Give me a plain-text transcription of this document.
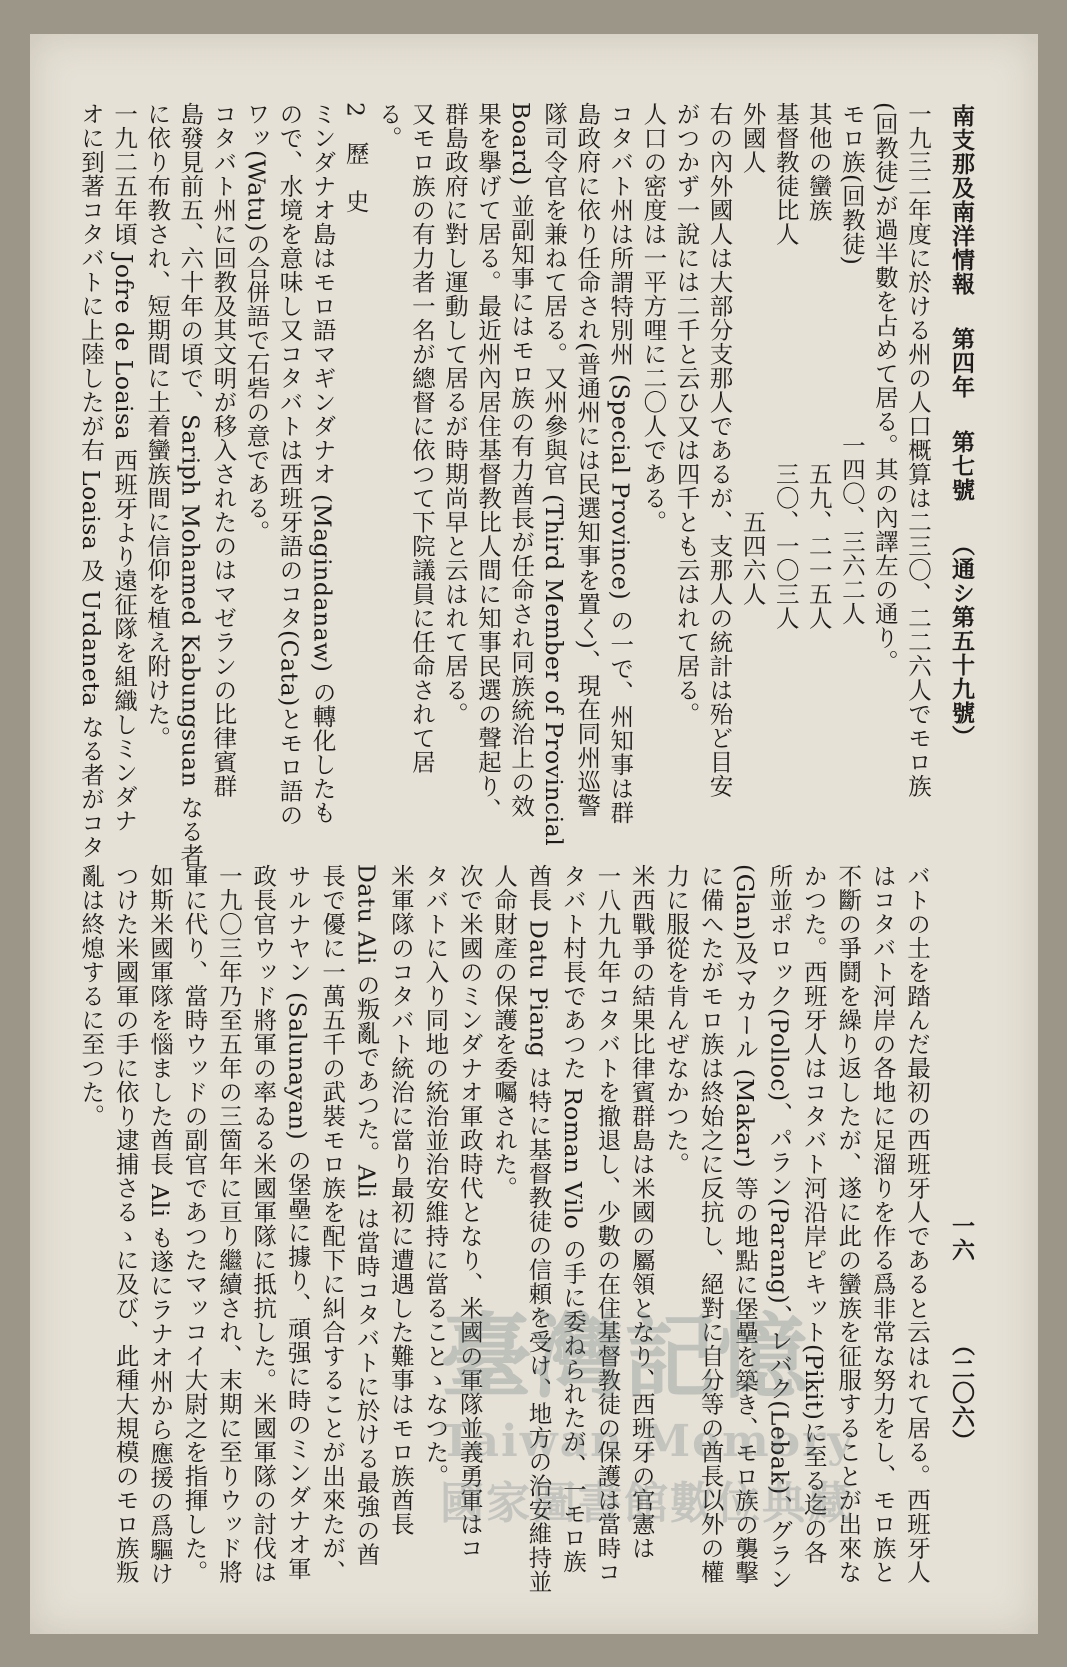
南支那及南洋情報 第四年 第七號 （通シ第五十九號）
一六 （二〇六）
一九三二年度に於ける州の人口概算は二三〇、二二六人でモロ族
(回教徒)が過半數を占めて居る。其の內譯左の通り。
モロ族(回教徒)　　　　　　　一四〇、三六二人
其他の蠻族　　　　　　　　　　五九、二一五人
基督教徒比人　　　　　　　　　三〇、一〇三人
外國人　　　　　　　　　　　　　　五四六人
右の內外國人は大部分支那人であるが、支那人の統計は殆ど目安
がつかず一說には二千と云ひ又は四千とも云はれて居る。
人口の密度は一平方哩に二〇人である。
コタバト州は所謂特別州 (Special Province) の一で、州知事は群
島政府に依り任命され(普通州には民選知事を置く)、現在同州巡警
隊司令官を兼ねて居る。又州參與官 (Third Member of Provincial
Board) 並副知事にはモロ族の有力酋長が任命され同族統治上の效
果を擧げて居る。最近州內居住基督教比人間に知事民選の聲起り、
群島政府に對し運動して居るが時期尚早と云はれて居る。
又モロ族の有力者一名が總督に依つて下院議員に任命されて居
る。
2　歷　史
ミンダナオ島はモロ語マギンダナオ (Magindanaw) の轉化したも
ので、水境を意味し又コタバトは西班牙語のコタ(Cata)とモロ語の
ワッ(Watu)の合併語で石砦の意である。
コタバト州に回教及其文明が移入されたのはマゼランの比律賓群
島發見前五、六十年の頃で、Sariph Mohamed Kabungsuan なる者
に依り布教され、短期間に土着蠻族間に信仰を植え附けた。
一九二五年頃 Jofre de Loaisa 西班牙より遠征隊を組織しミンダナ
オに到著コタバトに上陸したが右 Loaisa 及 Urdaneta なる者がコタ
バトの土を踏んだ最初の西班牙人であると云はれて居る。西班牙人
はコタバト河岸の各地に足溜りを作る爲非常な努力をし、モロ族と
不斷の爭鬪を繰り返したが、遂に此の蠻族を征服することが出來な
かつた。西班牙人はコタバト河沿岸ピキット(Pikit)に至る迄の各
所並ポロック(Polloc)、パラン(Parang)、レバク(Lebak)、グラン
(Glan)及マカール (Makar) 等の地點に堡壘を築き、モロ族の襲擊
に備へたがモロ族は終始之に反抗し、絕對に自分等の酋長以外の權
力に服從を肯んぜなかつた。
米西戰爭の結果比律賓群島は米國の屬領となり、西班牙の官憲は
一八九九年コタバトを撤退し、少數の在住基督教徒の保護は當時コ
タバト村長であつた Roman Vilo の手に委ねられたが、一モロ族
酋長 Datu Piang は特に基督教徒の信頼を受け、地方の治安維持並
人命財產の保護を委囑された。
次で米國のミンダナオ軍政時代となり、米國の軍隊並義勇軍はコ
タバトに入り同地の統治並治安維持に當ることゝなつた。
米軍隊のコタバト統治に當り最初に遭遇した難事はモロ族酋長
Datu Ali の叛亂であつた。Ali は當時コタバトに於ける最強の酋
長で優に一萬五千の武裝モロ族を配下に糾合することが出來たが、
サルナヤン (Salunayan) の堡壘に據り、頑强に時のミンダナオ軍
政長官ウッド將軍の率ゐる米國軍隊に抵抗した。米國軍隊の討伐は
一九〇三年乃至五年の三箇年に亘り繼續され、末期に至りウッド將
軍に代り、當時ウッドの副官であつたマッコイ大尉之を指揮した。
如斯米國軍隊を惱ました酋長 Ali も遂にラナオ州から應援の爲驅け
つけた米國軍の手に依り逮捕さるゝに及び、此種大規模のモロ族叛
亂は終熄するに至つた。
臺灣記憶
Taiwan Memory
國家圖書館數位典藏
